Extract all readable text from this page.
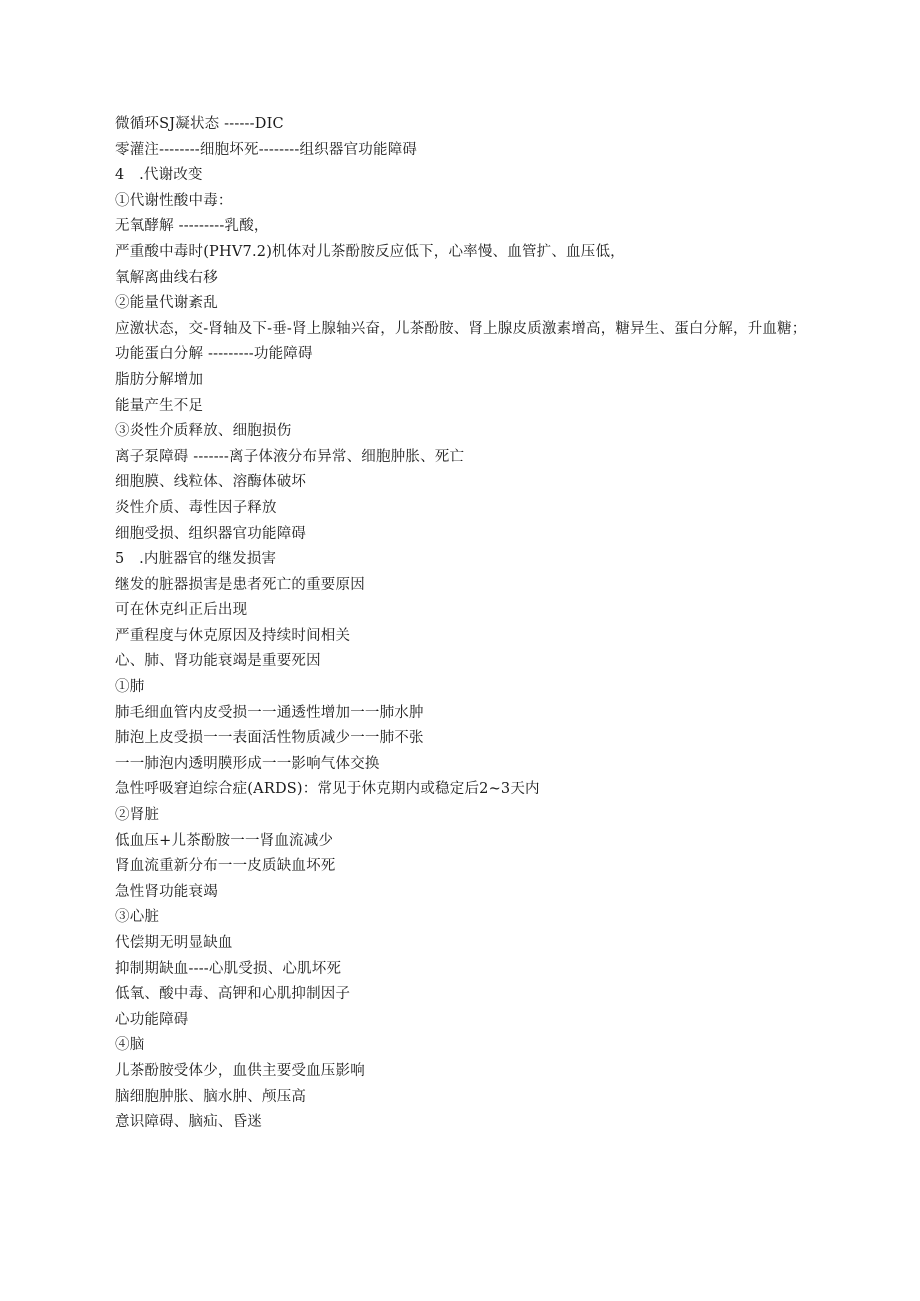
微循环SJ凝状态 ------DIC
零灌注--------细胞坏死--------组织器官功能障碍
4　.代谢改变
①代谢性酸中毒：
无氧酵解 ---------乳酸，
严重酸中毒时(PHV7.2)机体对儿茶酚胺反应低下，心率慢、血管扩、血压低，
氧解离曲线右移
②能量代谢紊乱
应激状态，交-肾轴及下-垂-肾上腺轴兴奋，儿茶酚胺、肾上腺皮质激素增高，糖异生、蛋白分解，升血糖；
功能蛋白分解 ---------功能障碍
脂肪分解增加
能量产生不足
③炎性介质释放、细胞损伤
离子泵障碍 -------离子体液分布异常、细胞肿胀、死亡
细胞膜、线粒体、溶酶体破坏
炎性介质、毒性因子释放
细胞受损、组织器官功能障碍
5　.内脏器官的继发损害
继发的脏器损害是患者死亡的重要原因
可在休克纠正后出现
严重程度与休克原因及持续时间相关
心、肺、肾功能衰竭是重要死因
①肺
肺毛细血管内皮受损一一通透性增加一一肺水肿
肺泡上皮受损一一表面活性物质减少一一肺不张
一一肺泡内透明膜形成一一影响气体交换
急性呼吸窘迫综合症(ARDS)：常见于休克期内或稳定后2~3天内
②肾脏
低血压+儿茶酚胺一一肾血流减少
肾血流重新分布一一皮质缺血坏死
急性肾功能衰竭
③心脏
代偿期无明显缺血
抑制期缺血----心肌受损、心肌坏死
低氧、酸中毒、高钾和心肌抑制因子
心功能障碍
④脑
儿茶酚胺受体少，血供主要受血压影响
脑细胞肿胀、脑水肿、颅压高
意识障碍、脑疝、昏迷
